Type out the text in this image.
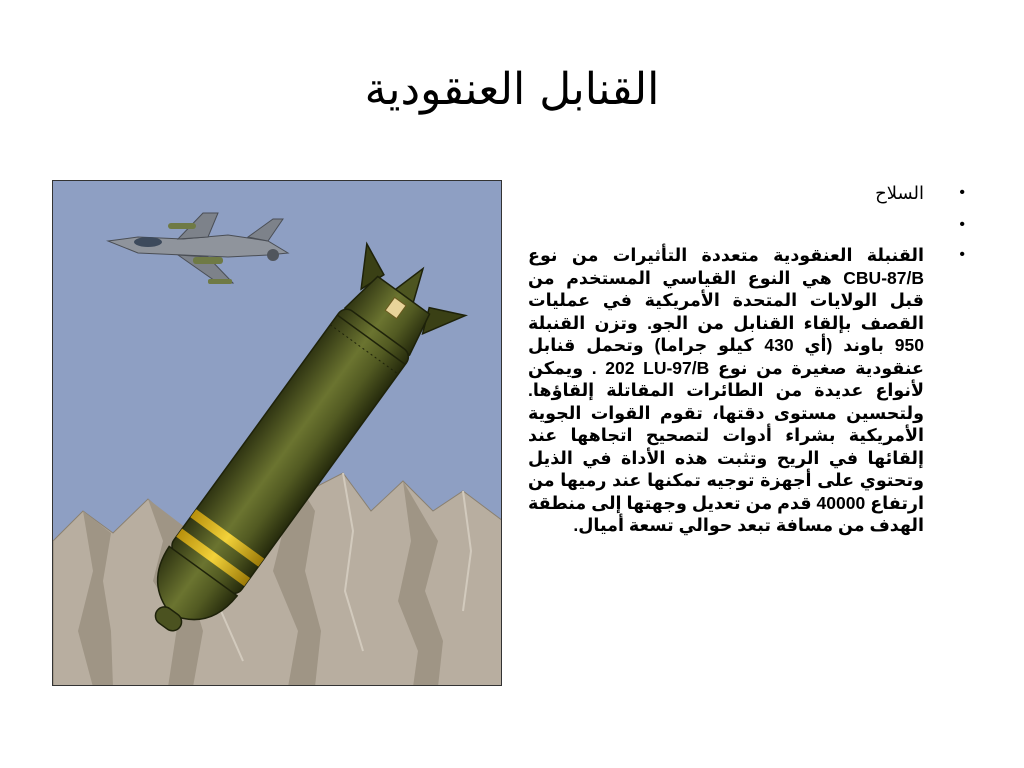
القنابل العنقودية
•
السلاح
•
•
القنبلة العنقودية متعددة التأثيرات من نوع CBU-87/B هي النوع القياسي المستخدم من قبل الولايات المتحدة الأمريكية في عمليات القصف بإلقاء القنابل من الجو. وتزن القنبلة 950 باوند (أي 430 كيلو جراما) وتحمل قنابل عنقودية صغيرة من نوع 202 LU-97/B . ويمكن لأنواع عديدة من الطائرات المقاتلة إلقاؤها. ولتحسين مستوى دقتها، تقوم القوات الجوية الأمريكية بشراء أدوات لتصحيح اتجاهها عند إلقائها في الريح وتثبت هذه الأداة في الذيل وتحتوي على أجهزة توجيه تمكنها عند رميها من ارتفاع 40000 قدم من تعديل وجهتها إلى منطقة الهدف من مسافة تبعد حوالي تسعة أميال.
